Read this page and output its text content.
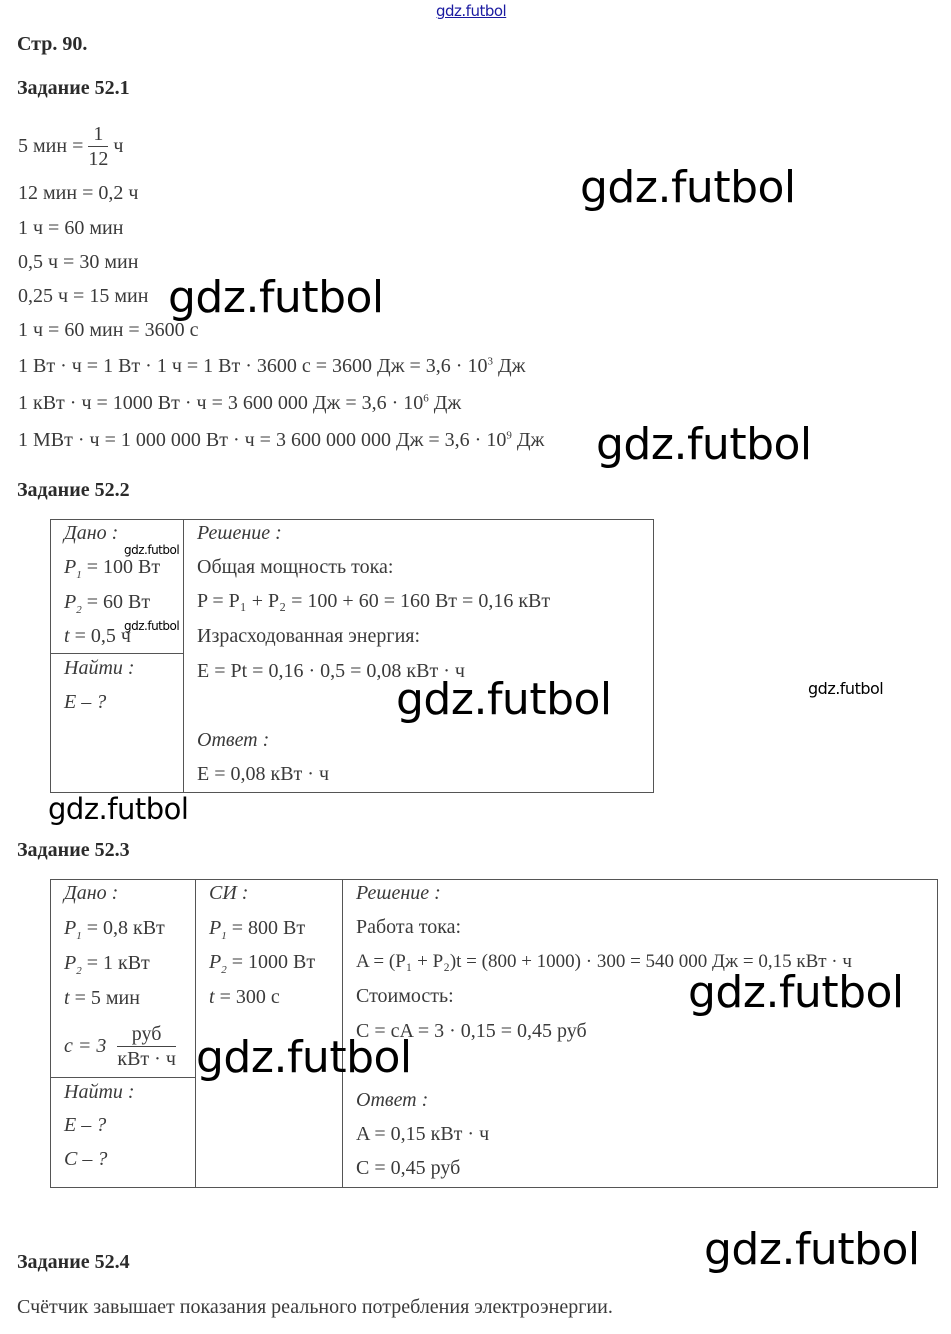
gdz.futbol
Стр. 90.
Задание 52.1
5 мин = $\frac{1}{12}$ ч
12 мин = 0,2 ч
1 ч = 60 мин
0,5 ч = 30 мин
0,25 ч = 15 мин
1 ч = 60 мин = 3600 с
1 Вт · ч = 1 Вт · 1 ч = 1 Вт · 3600 с = 3600 Дж = $3,6 \cdot 10^3$ Дж
1 кВт · ч = 1000 Вт · ч = 3 600 000 Дж = $3,6 \cdot 10^6$ Дж
1 МВт · ч = 1 000 000 Вт · ч = 3 600 000 000 Дж = $3,6 \cdot 10^9$ Дж
Задание 52.2
Дано :
$P_1 = 100$ Вт
$P_2 = 60$ Вт
t = 0,5 ч
Найти :
E – ?
Решение :
Общая мощность тока:
P = P₁ + P₂ = 100 + 60 = 160 Вт = 0,16 кВт
Израсходованная энергия:
E = Pt = 0,16 · 0,5 = 0,08 кВт · ч
Ответ :
E = 0,08 кВт · ч
Задание 52.3
Дано :
$P_1 = 0,8$ кВт
$P_2 = 1$ кВт
t = 5 мин
$c = 3 \frac{\text{руб}}{\text{кВт · ч}}$
Найти :
E – ?
C – ?
СИ :
$P_1 = 800$ Вт
$P_2 = 1000$ Вт
t = 300 с
Решение :
Работа тока:
A = (P₁ + P₂)t = (800 + 1000) · 300 = 540 000 Дж = 0,15 кВт · ч
Стоимость:
C = cA = 3 · 0,15 = 0,45 руб
Ответ :
A = 0,15 кВт · ч
C = 0,45 руб
Задание 52.4
Счётчик завышает показания реального потребления электроэнергии.
gdz.futbol
gdz.futbol
gdz.futbol
gdz.futbol
gdz.futbol
gdz.futbol	gdz.futbol
gdz.futbol
gdz.futbol
gdz.futbol
gdz.futbol
